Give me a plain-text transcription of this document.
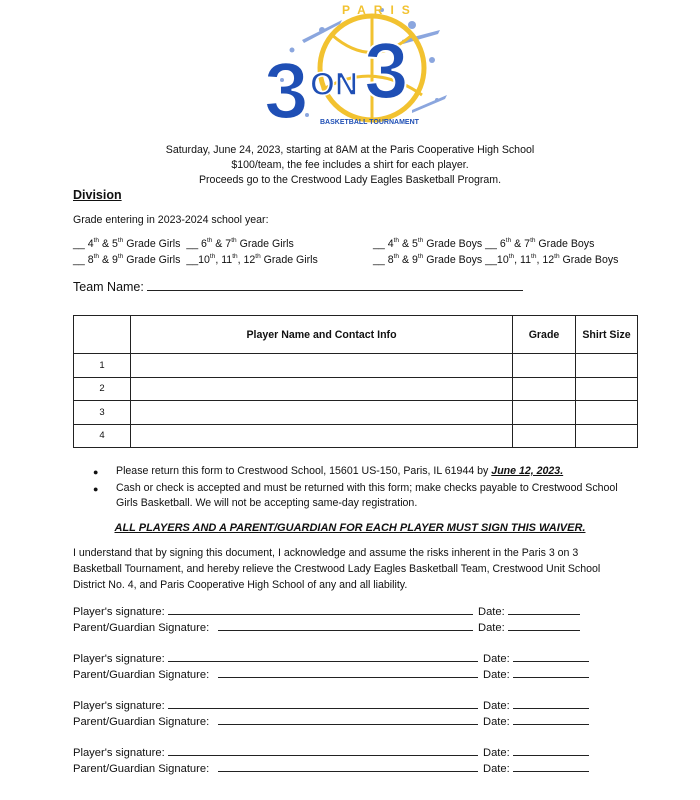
PARIS
3 ON 3
BASKETBALL TOURNAMENT
Saturday, June 24, 2023, starting at 8AM at the Paris Cooperative High School
$100/team, the fee includes a shirt for each player.
Proceeds go to the Crestwood Lady Eagles Basketball Program.
Division
Grade entering in 2023-2024 school year:
__ 4th & 5th Grade Girls  __ 6th & 7th Grade Girls
__ 8th & 9th Grade Girls  __10th, 11th, 12th Grade Girls
__ 4th & 5th Grade Boys __ 6th & 7th Grade Boys
__ 8th & 9th Grade Boys __10th, 11th, 12th Grade Boys
Team Name:
	Player Name and Contact Info	Grade	Shirt Size
1			
2			
3			
4			
● Please return this form to Crestwood School, 15601 US-150, Paris, IL 61944 by June 12, 2023.
● Cash or check is accepted and must be returned with this form; make checks payable to Crestwood School
Girls Basketball. We will not be accepting same-day registration.
ALL PLAYERS AND A PARENT/GUARDIAN FOR EACH PLAYER MUST SIGN THIS WAIVER.
I understand that by signing this document, I acknowledge and assume the risks inherent in the Paris 3 on 3
Basketball Tournament, and hereby relieve the Crestwood Lady Eagles Basketball Team, Crestwood Unit School
District No. 4, and Paris Cooperative High School of any and all liability.
Player's signature:	Date:
Parent/Guardian Signature:	Date:
Player's signature:	Date:
Parent/Guardian Signature:	Date:
Player's signature:	Date:
Parent/Guardian Signature:	Date:
Player's signature:	Date:
Parent/Guardian Signature:	Date:
